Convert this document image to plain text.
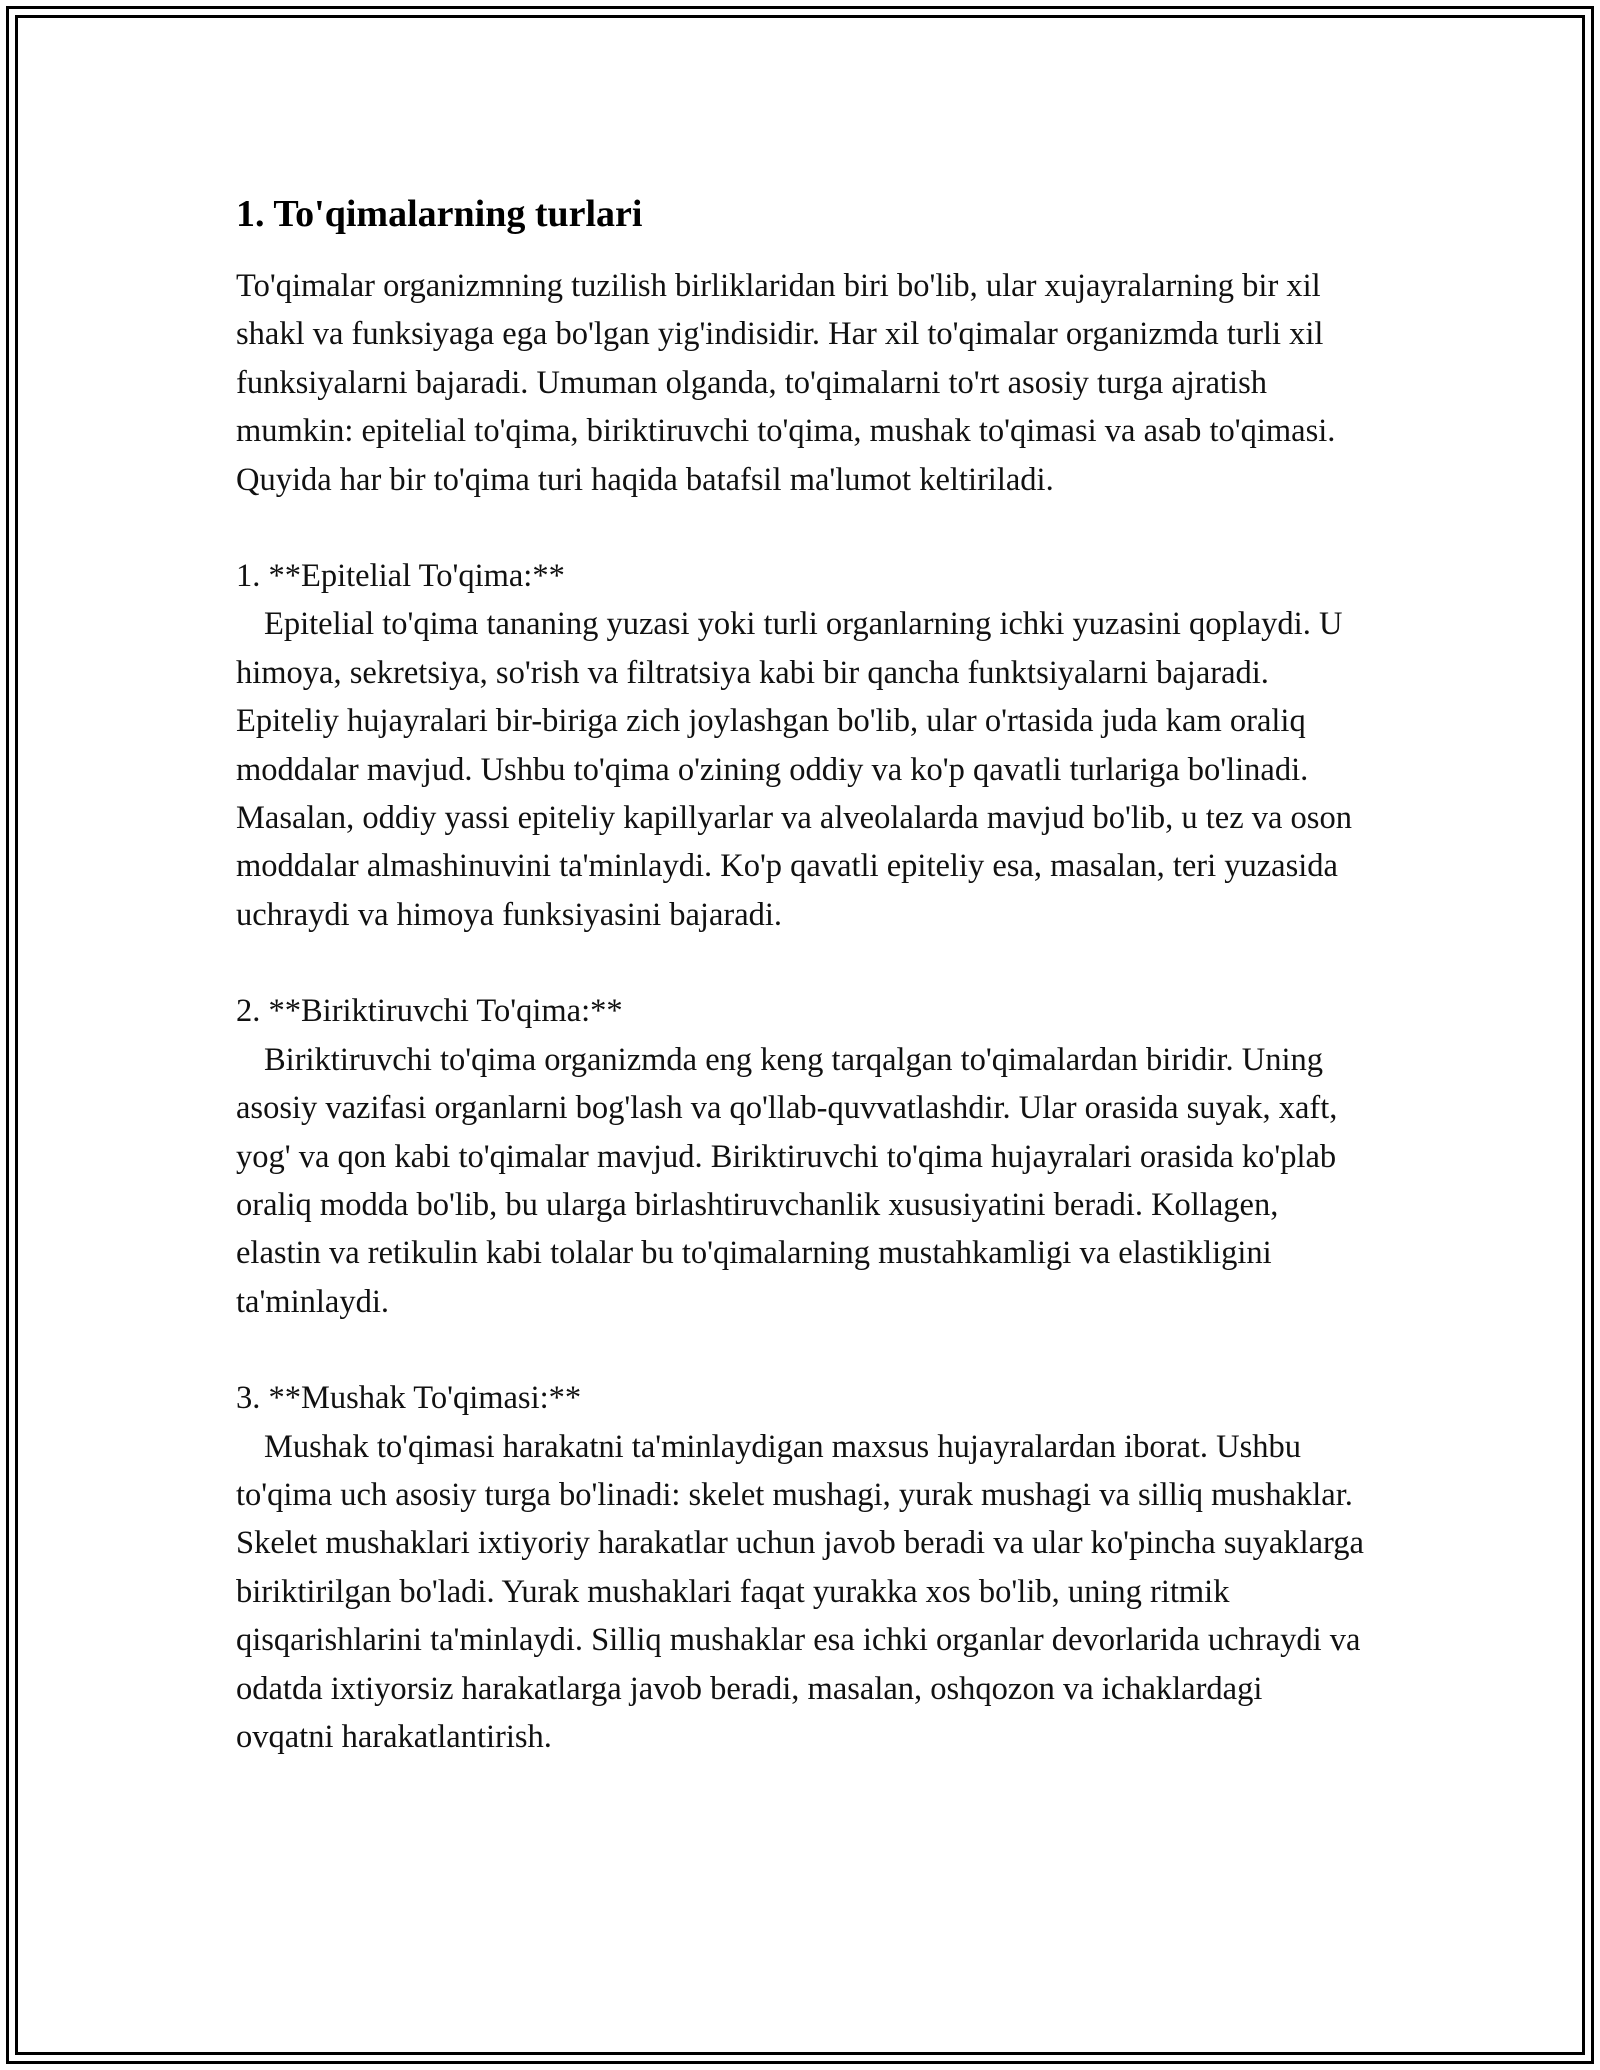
1. To'qimalarning turlari

To'qimalar organizmning tuzilish birliklaridan biri bo'lib, ular xujayralarning bir xil shakl va funksiyaga ega bo'lgan yig'indisidir. Har xil to'qimalar organizmda turli xil funksiyalarni bajaradi. Umuman olganda, to'qimalarni to'rt asosiy turga ajratish mumkin: epitelial to'qima, biriktiruvchi to'qima, mushak to'qimasi va asab to'qimasi. Quyida har bir to'qima turi haqida batafsil ma'lumot keltiriladi.

1. **Epitelial To'qima:**

Epitelial to'qima tananing yuzasi yoki turli organlarning ichki yuzasini qoplaydi. U himoya, sekretsiya, so'rish va filtratsiya kabi bir qancha funktsiyalarni bajaradi. Epiteliy hujayralari bir-biriga zich joylashgan bo'lib, ular o'rtasida juda kam oraliq moddalar mavjud. Ushbu to'qima o'zining oddiy va ko'p qavatli turlariga bo'linadi. Masalan, oddiy yassi epiteliy kapillyarlar va alveolalarda mavjud bo'lib, u tez va oson moddalar almashinuvini ta'minlaydi. Ko'p qavatli epiteliy esa, masalan, teri yuzasida uchraydi va himoya funksiyasini bajaradi.

2. **Biriktiruvchi To'qima:**

Biriktiruvchi to'qima organizmda eng keng tarqalgan to'qimalardan biridir. Uning asosiy vazifasi organlarni bog'lash va qo'llab-quvvatlashdir. Ular orasida suyak, xaft, yog' va qon kabi to'qimalar mavjud. Biriktiruvchi to'qima hujayralari orasida ko'plab oraliq modda bo'lib, bu ularga birlashtiruvchanlik xususiyatini beradi. Kollagen, elastin va retikulin kabi tolalar bu to'qimalarning mustahkamligi va elastikligini ta'minlaydi.

3. **Mushak To'qimasi:**

Mushak to'qimasi harakatni ta'minlaydigan maxsus hujayralardan iborat. Ushbu to'qima uch asosiy turga bo'linadi: skelet mushagi, yurak mushagi va silliq mushaklar. Skelet mushaklari ixtiyoriy harakatlar uchun javob beradi va ular ko'pincha suyaklarga biriktirilgan bo'ladi. Yurak mushaklari faqat yurakka xos bo'lib, uning ritmik qisqarishlarini ta'minlaydi. Silliq mushaklar esa ichki organlar devorlarida uchraydi va odatda ixtiyorsiz harakatlarga javob beradi, masalan, oshqozon va ichaklardagi ovqatni harakatlantirish.
